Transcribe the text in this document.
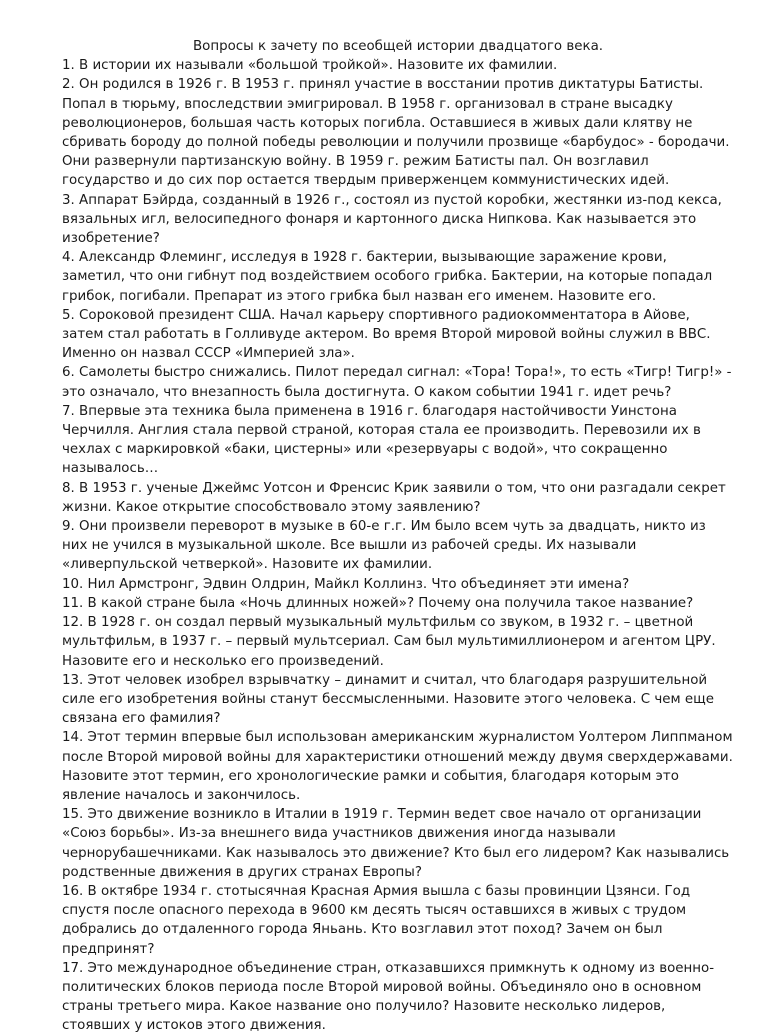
Вопросы к зачету по всеобщей истории двадцатого века.

1. В истории их называли «большой тройкой». Назовите их фамилии.

2. Он родился в 1926 г. В 1953 г. принял участие в восстании против диктатуры Батисты. Попал в тюрьму, впоследствии эмигрировал. В 1958 г. организовал в стране высадку революционеров, большая часть которых погибла. Оставшиеся в живых дали клятву не сбривать бороду до полной победы революции и получили прозвище «барбудос» - бородачи. Они развернули партизанскую войну. В 1959 г. режим Батисты пал. Он возглавил государство и до сих пор остается твердым приверженцем коммунистических идей.

3. Аппарат Бэйрда, созданный в 1926 г., состоял из пустой коробки, жестянки из-под кекса, вязальных игл, велосипедного фонаря и картонного диска Нипкова. Как называется это изобретение?

4. Александр Флеминг, исследуя в 1928 г. бактерии, вызывающие заражение крови, заметил, что они гибнут под воздействием особого грибка. Бактерии, на которые попадал грибок, погибали. Препарат из этого грибка был назван его именем. Назовите его.

5. Сороковой президент США. Начал карьеру спортивного радиокомментатора в Айове, затем стал работать в Голливуде актером. Во время Второй мировой войны служил в ВВС. Именно он назвал СССР «Империей зла».

6. Самолеты быстро снижались. Пилот передал сигнал: «Тора! Тора!», то есть «Тигр! Тигр!» - это означало, что внезапность была достигнута. О каком событии 1941 г. идет речь?

7. Впервые эта техника была применена в 1916 г. благодаря настойчивости Уинстона Черчилля. Англия стала первой страной, которая стала ее производить. Перевозили их в чехлах с маркировкой «баки, цистерны» или «резервуары с водой», что сокращенно называлось…

8. В 1953 г. ученые Джеймс Уотсон и Френсис Крик заявили о том, что они разгадали секрет жизни. Какое открытие способствовало этому заявлению?

9. Они произвели переворот в музыке в 60-е г.г. Им было всем чуть за двадцать, никто из них не учился в музыкальной школе. Все вышли из рабочей среды. Их называли «ливерпульской четверкой». Назовите их фамилии.

10. Нил Армстронг, Эдвин Олдрин, Майкл Коллинз. Что объединяет эти имена?

11. В какой стране была «Ночь длинных ножей»? Почему она получила такое название?

12. В 1928 г. он создал первый музыкальный мультфильм со звуком, в 1932 г. – цветной мультфильм, в 1937 г. – первый мультсериал. Сам был мультимиллионером и агентом ЦРУ. Назовите его и несколько его произведений.

13. Этот человек изобрел взрывчатку – динамит и считал, что благодаря разрушительной силе его изобретения войны станут бессмысленными. Назовите этого человека. С чем еще связана его фамилия?

14. Этот термин впервые был использован американским журналистом Уолтером Липпманом после Второй мировой войны для характеристики отношений между двумя сверхдержавами. Назовите этот термин, его хронологические рамки и события, благодаря которым это явление началось и закончилось.

15. Это движение возникло в Италии в 1919 г. Термин ведет свое начало от организации «Союз борьбы». Из-за внешнего вида участников движения иногда называли чернорубашечниками. Как называлось это движение? Кто был его лидером? Как назывались родственные движения в других странах Европы?

16. В октябре 1934 г. стотысячная Красная Армия вышла с базы провинции Цзянси. Год спустя после опасного перехода в 9600 км десять тысяч оставшихся в живых с трудом добрались до отдаленного города Яньань. Кто возглавил этот поход? Зачем он был предпринят?

17. Это международное объединение стран, отказавшихся примкнуть к одному из военно-политических блоков периода после Второй мировой войны. Объединяло оно в основном страны третьего мира. Какое название оно получило? Назовите несколько лидеров, стоявших у истоков этого движения.
